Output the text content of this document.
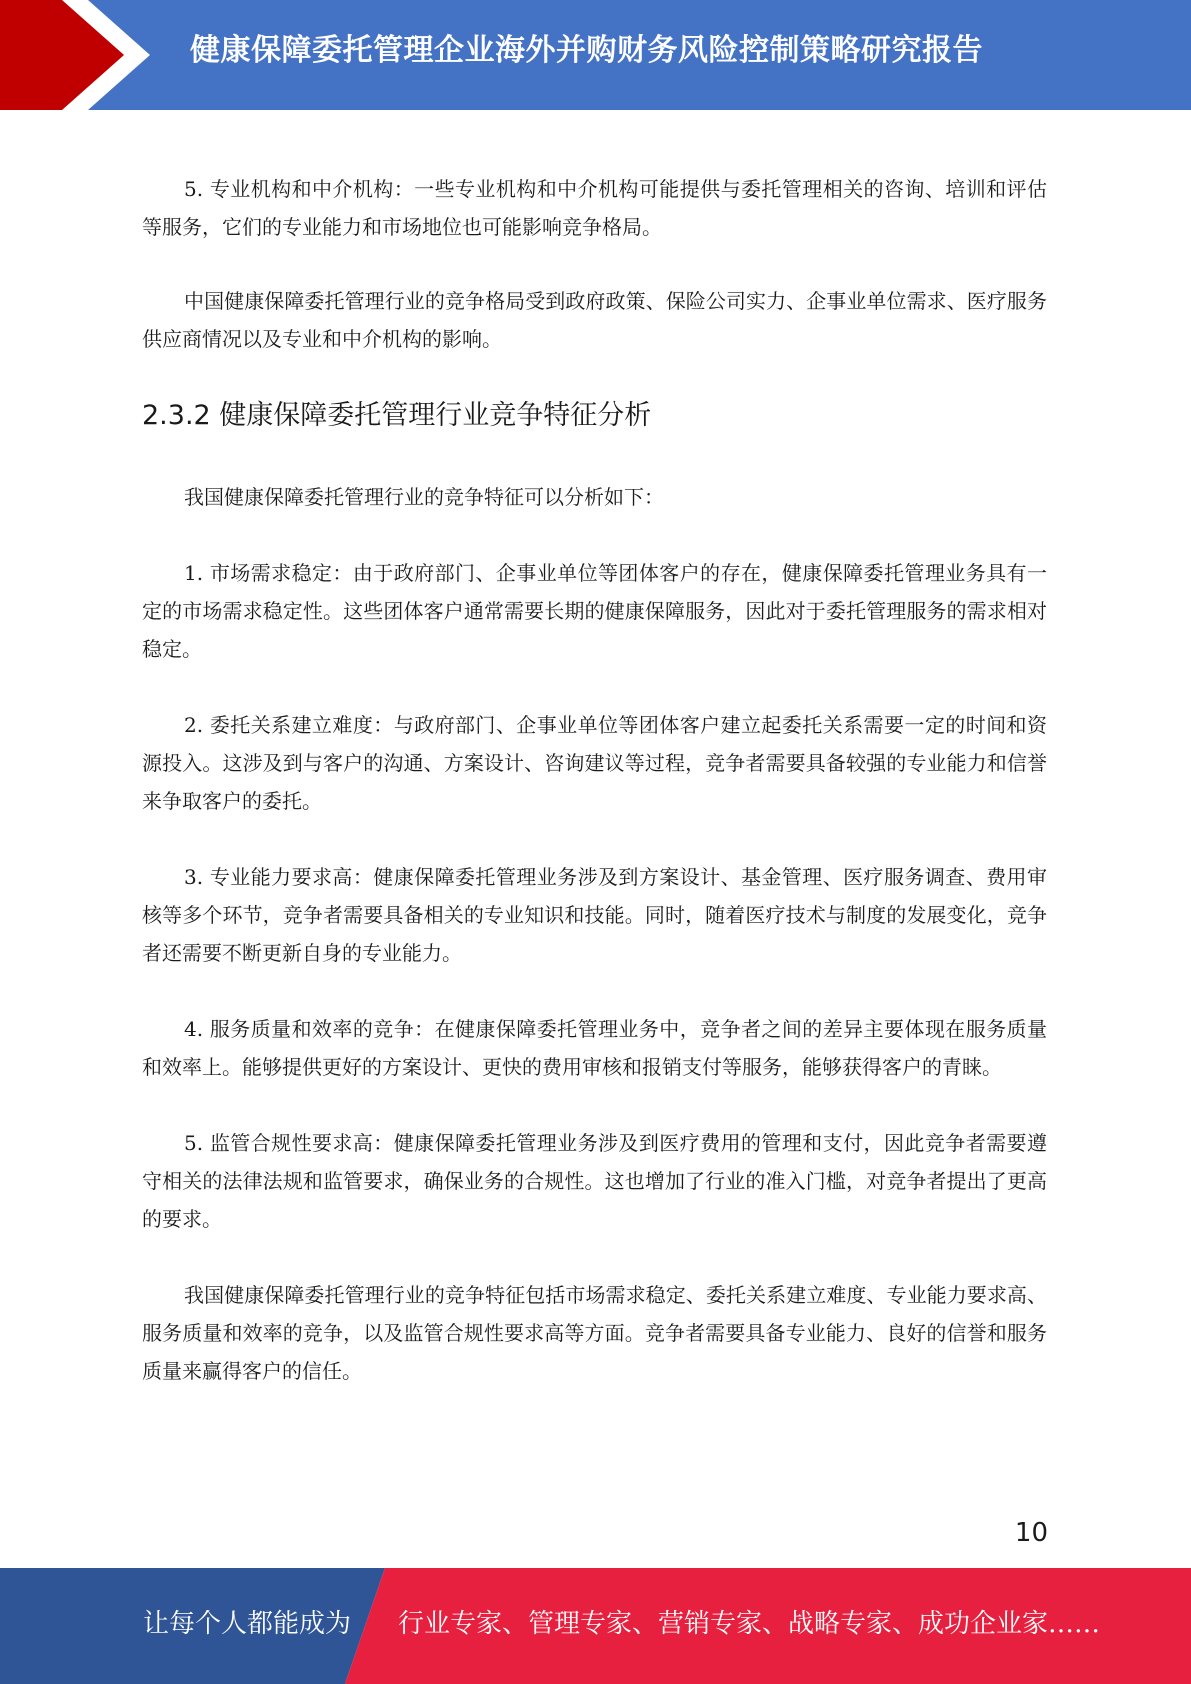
健康保障委托管理企业海外并购财务风险控制策略研究报告

5. 专业机构和中介机构：一些专业机构和中介机构可能提供与委托管理相关的咨询、培训和评估等服务，它们的专业能力和市场地位也可能影响竞争格局。

中国健康保障委托管理行业的竞争格局受到政府政策、保险公司实力、企事业单位需求、医疗服务供应商情况以及专业和中介机构的影响。

2.3.2 健康保障委托管理行业竞争特征分析

我国健康保障委托管理行业的竞争特征可以分析如下：

1. 市场需求稳定：由于政府部门、企事业单位等团体客户的存在，健康保障委托管理业务具有一定的市场需求稳定性。这些团体客户通常需要长期的健康保障服务，因此对于委托管理服务的需求相对稳定。

2. 委托关系建立难度：与政府部门、企事业单位等团体客户建立起委托关系需要一定的时间和资源投入。这涉及到与客户的沟通、方案设计、咨询建议等过程，竞争者需要具备较强的专业能力和信誉来争取客户的委托。

3. 专业能力要求高：健康保障委托管理业务涉及到方案设计、基金管理、医疗服务调查、费用审核等多个环节，竞争者需要具备相关的专业知识和技能。同时，随着医疗技术与制度的发展变化，竞争者还需要不断更新自身的专业能力。

4. 服务质量和效率的竞争：在健康保障委托管理业务中，竞争者之间的差异主要体现在服务质量和效率上。能够提供更好的方案设计、更快的费用审核和报销支付等服务，能够获得客户的青睐。

5. 监管合规性要求高：健康保障委托管理业务涉及到医疗费用的管理和支付，因此竞争者需要遵守相关的法律法规和监管要求，确保业务的合规性。这也增加了行业的准入门槛，对竞争者提出了更高的要求。

我国健康保障委托管理行业的竞争特征包括市场需求稳定、委托关系建立难度、专业能力要求高、服务质量和效率的竞争，以及监管合规性要求高等方面。竞争者需要具备专业能力、良好的信誉和服务质量来赢得客户的信任。

10
让每个人都能成为 行业专家、管理专家、营销专家、战略专家、成功企业家……
